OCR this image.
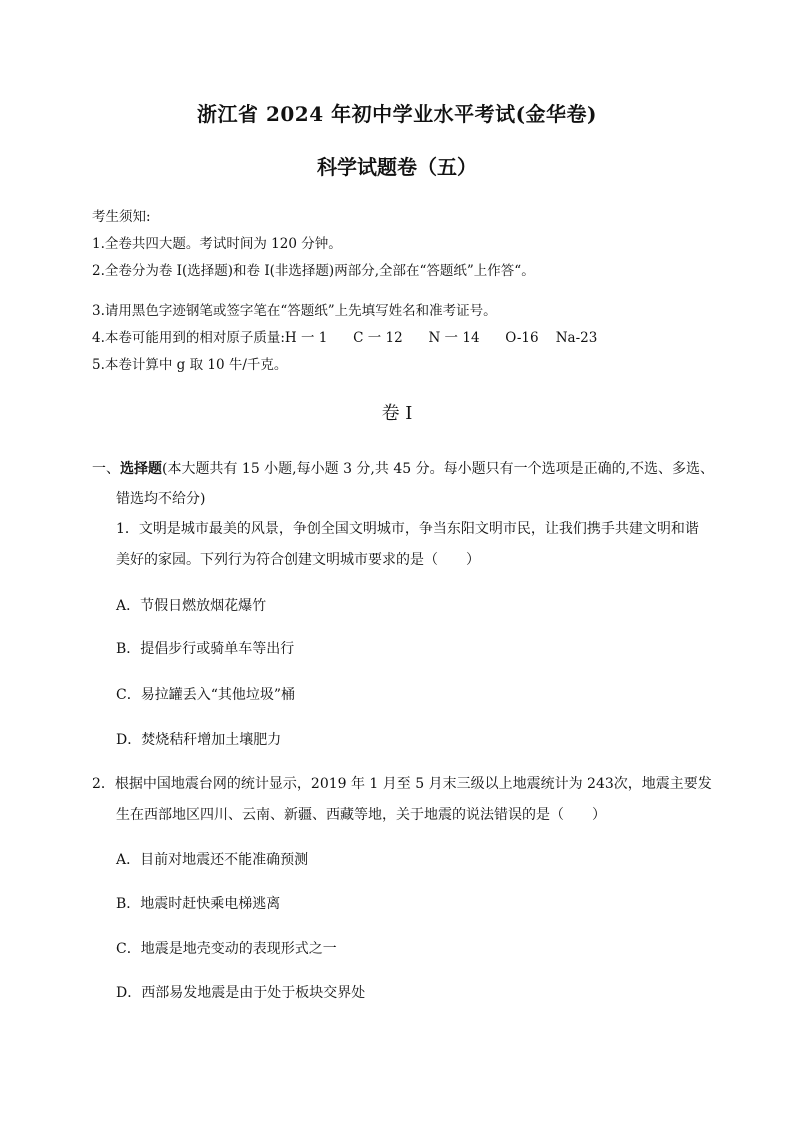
浙江省 2024 年初中学业水平考试(金华卷)
科学试题卷（五）
考生须知:
1.全卷共四大题。考试时间为 120 分钟。
2.全卷分为卷 I(选择题)和卷 I(非选择题)两部分,全部在“答题纸”上作答“。
3.请用黑色字迹钢笔或签字笔在“答题纸”上先填写姓名和准考证号。
4.本卷可能用到的相对原子质量:H 一 1      C 一 12      N 一 14      O-16    Na-23
5.本卷计算中 g 取 10 牛/千克。
卷 I
一、选择题(本大题共有 15 小题,每小题 3 分,共 45 分。每小题只有一个选项是正确的,不选、多选、
错选均不给分)
1．文明是城市最美的风景，争创全国文明城市，争当东阳文明市民，让我们携手共建文明和谐
美好的家园。下列行为符合创建文明城市要求的是（　　）
A．节假日燃放烟花爆竹
B．提倡步行或骑单车等出行
C．易拉罐丢入“其他垃圾”桶
D．焚烧秸秆增加土壤肥力
2．根据中国地震台网的统计显示，2019 年 1 月至 5 月末三级以上地震统计为 243次，地震主要发
生在西部地区四川、云南、新疆、西藏等地，关于地震的说法错误的是（　　）
A．目前对地震还不能准确预测
B．地震时赶快乘电梯逃离
C．地震是地壳变动的表现形式之一
D．西部易发地震是由于处于板块交界处
